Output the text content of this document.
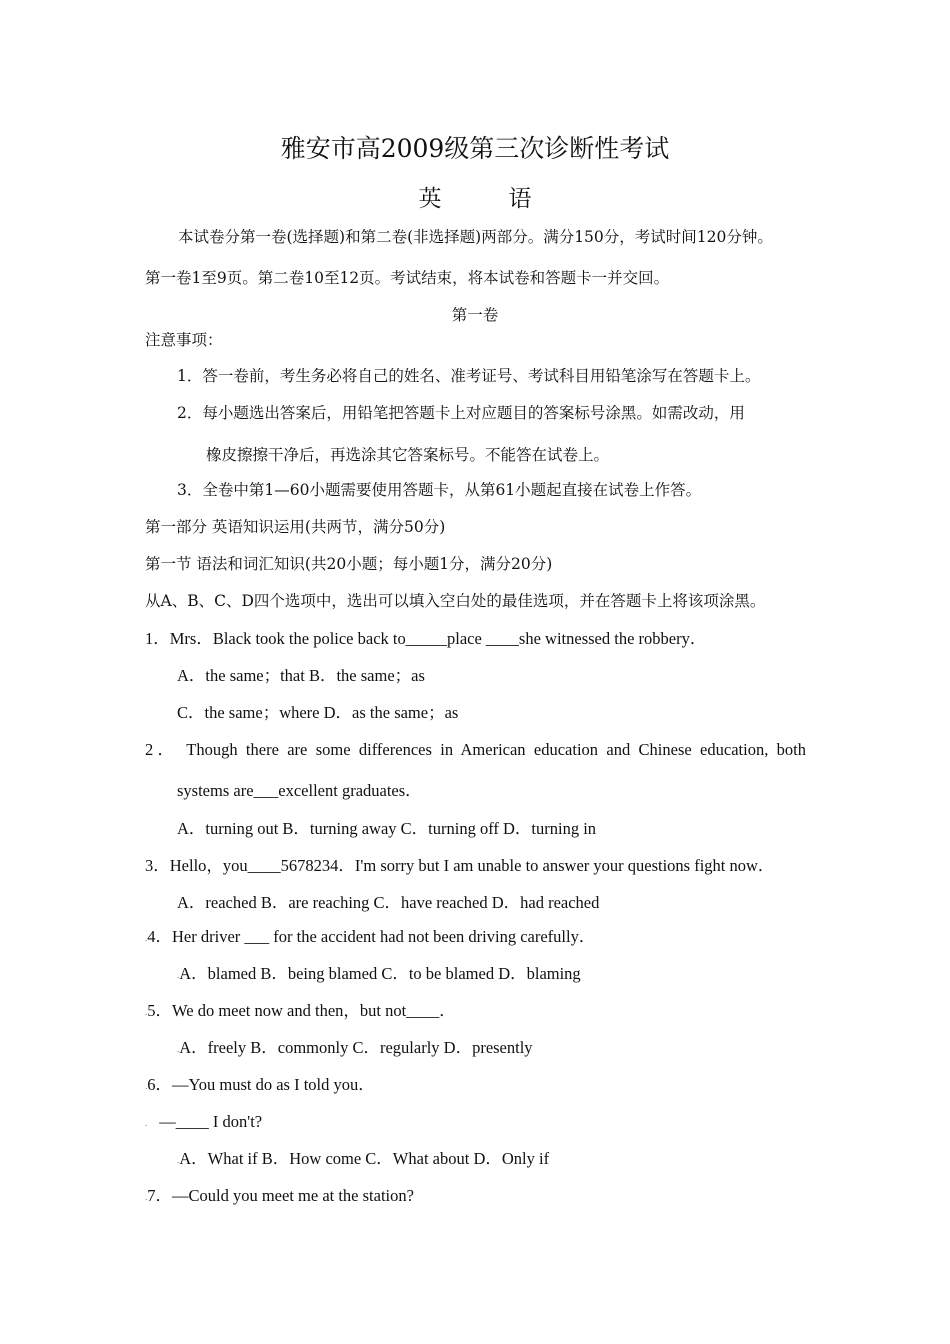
雅安市高2009级第三次诊断性考试
英　语
本试卷分第一卷(选择题)和第二卷(非选择题)两部分。满分150分，考试时间120分钟。
第一卷1至9页。第二卷10至12页。考试结束，将本试卷和答题卡一并交回。
第一卷
注意事项：
1．答一卷前，考生务必将自己的姓名、准考证号、考试科目用铅笔涂写在答题卡上。
2．每小题选出答案后，用铅笔把答题卡上对应题目的答案标号涂黑。如需改动，用
橡皮擦擦干净后，再选涂其它答案标号。不能答在试卷上。
3．全卷中第1—60小题需要使用答题卡，从第61小题起直接在试卷上作答。
第一部分 英语知识运用(共两节，满分50分)
第一节 语法和词汇知识(共20小题；每小题1分，满分20分)
从A、B、C、D四个选项中，选出可以填入空白处的最佳选项，并在答题卡上将该项涂黑。
1．Mrs．Black took the police back to_____place ____she witnessed the robbery．
A．the same；that B．the same；as
C．the same；where D．as the same；as
2． Though there are some differences in American education and Chinese education, both
systems are___excellent graduates．
A．turning out B．turning away C．turning off D．turning in
3．Hello，you____5678234．I'm sorry but I am unable to answer your questions fight now．
A．reached B．are reaching C．have reached D．had reached
.4．Her driver ___ for the accident had not been driving carefully．
.A．blamed B．being blamed C．to be blamed D．blaming
.5．We do meet now and then，but not____．
.A．freely B．commonly C．regularly D．presently
.6．—You must do as I told you．
. —____ I don't?
.A．What if B．How come C．What about D．Only if
.7．—Could you meet me at the station?
